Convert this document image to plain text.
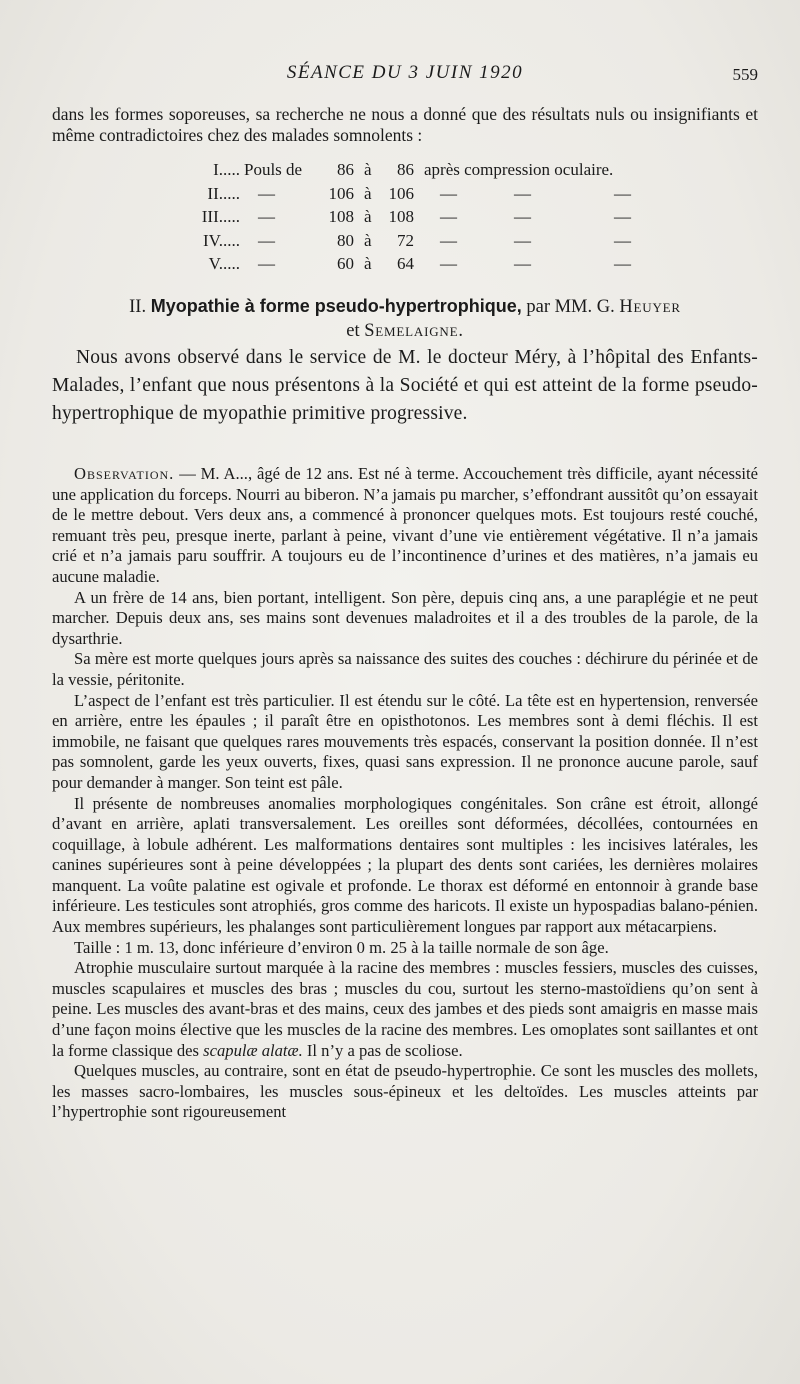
SÉANCE DU 3 JUIN 1920	559

dans les formes soporeuses, sa recherche ne nous a donné que des résultats nuls ou insignifiants et même contradictoires chez des malades somnolents :

I..... Pouls de	86 à	86 après compression oculaire.
II..... —	106 à 106 —	—	—
III..... —	108 à 108 —	—	—
IV..... —	80 à	72 —	—	—
V..... —	60 à	64 —	—	—
II. Myopathie à forme pseudo-hypertrophique, par MM. G. Heuyer
et Semelaigne.

Nous avons observé dans le service de M. le docteur Méry, à l’hôpital des Enfants-Malades, l’enfant que nous présentons à la Société et qui est atteint de la forme pseudo-hypertrophique de myopathie primitive progressive.

Observation. — M. A..., âgé de 12 ans. Est né à terme. Accouchement très difficile, ayant nécessité une application du forceps. Nourri au biberon. N’a jamais pu marcher, s’effondrant aussitôt qu’on essayait de le mettre debout. Vers deux ans, a commencé à prononcer quelques mots. Est toujours resté couché, remuant très peu, presque inerte, parlant à peine, vivant d’une vie entièrement végétative. Il n’a jamais crié et n’a jamais paru souffrir. A toujours eu de l’incontinence d’urines et des matières, n’a jamais eu aucune maladie.

A un frère de 14 ans, bien portant, intelligent. Son père, depuis cinq ans, a une paraplégie et ne peut marcher. Depuis deux ans, ses mains sont devenues maladroites et il a des troubles de la parole, de la dysarthrie.

Sa mère est morte quelques jours après sa naissance des suites des couches : déchirure du périnée et de la vessie, péritonite.

L’aspect de l’enfant est très particulier. Il est étendu sur le côté. La tête est en hypertension, renversée en arrière, entre les épaules ; il paraît être en opisthotonos. Les membres sont à demi fléchis. Il est immobile, ne faisant que quelques rares mouvements très espacés, conservant la position donnée. Il n’est pas somnolent, garde les yeux ouverts, fixes, quasi sans expression. Il ne prononce aucune parole, sauf pour demander à manger. Son teint est pâle.

Il présente de nombreuses anomalies morphologiques congénitales. Son crâne est étroit, allongé d’avant en arrière, aplati transversalement. Les oreilles sont déformées, décollées, contournées en coquillage, à lobule adhérent. Les malformations dentaires sont multiples : les incisives latérales, les canines supérieures sont à peine développées ; la plupart des dents sont cariées, les dernières molaires manquent. La voûte palatine est ogivale et profonde. Le thorax est déformé en entonnoir à grande base inférieure. Les testicules sont atrophiés, gros comme des haricots. Il existe un hypospadias balano-pénien. Aux membres supérieurs, les phalanges sont particulièrement longues par rapport aux métacarpiens.

Taille : 1 m. 13, donc inférieure d’environ 0 m. 25 à la taille normale de son âge.

Atrophie musculaire surtout marquée à la racine des membres : muscles fessiers, muscles des cuisses, muscles scapulaires et muscles des bras ; muscles du cou, surtout les sterno-mastoïdiens qu’on sent à peine. Les muscles des avant-bras et des mains, ceux des jambes et des pieds sont amaigris en masse mais d’une façon moins élective que les muscles de la racine des membres. Les omoplates sont saillantes et ont la forme classique des scapulæ alatæ. Il n’y a pas de scoliose.

Quelques muscles, au contraire, sont en état de pseudo-hypertrophie. Ce sont les muscles des mollets, les masses sacro-lombaires, les muscles sous-épineux et les deltoïdes. Les muscles atteints par l’hypertrophie sont rigoureusement
